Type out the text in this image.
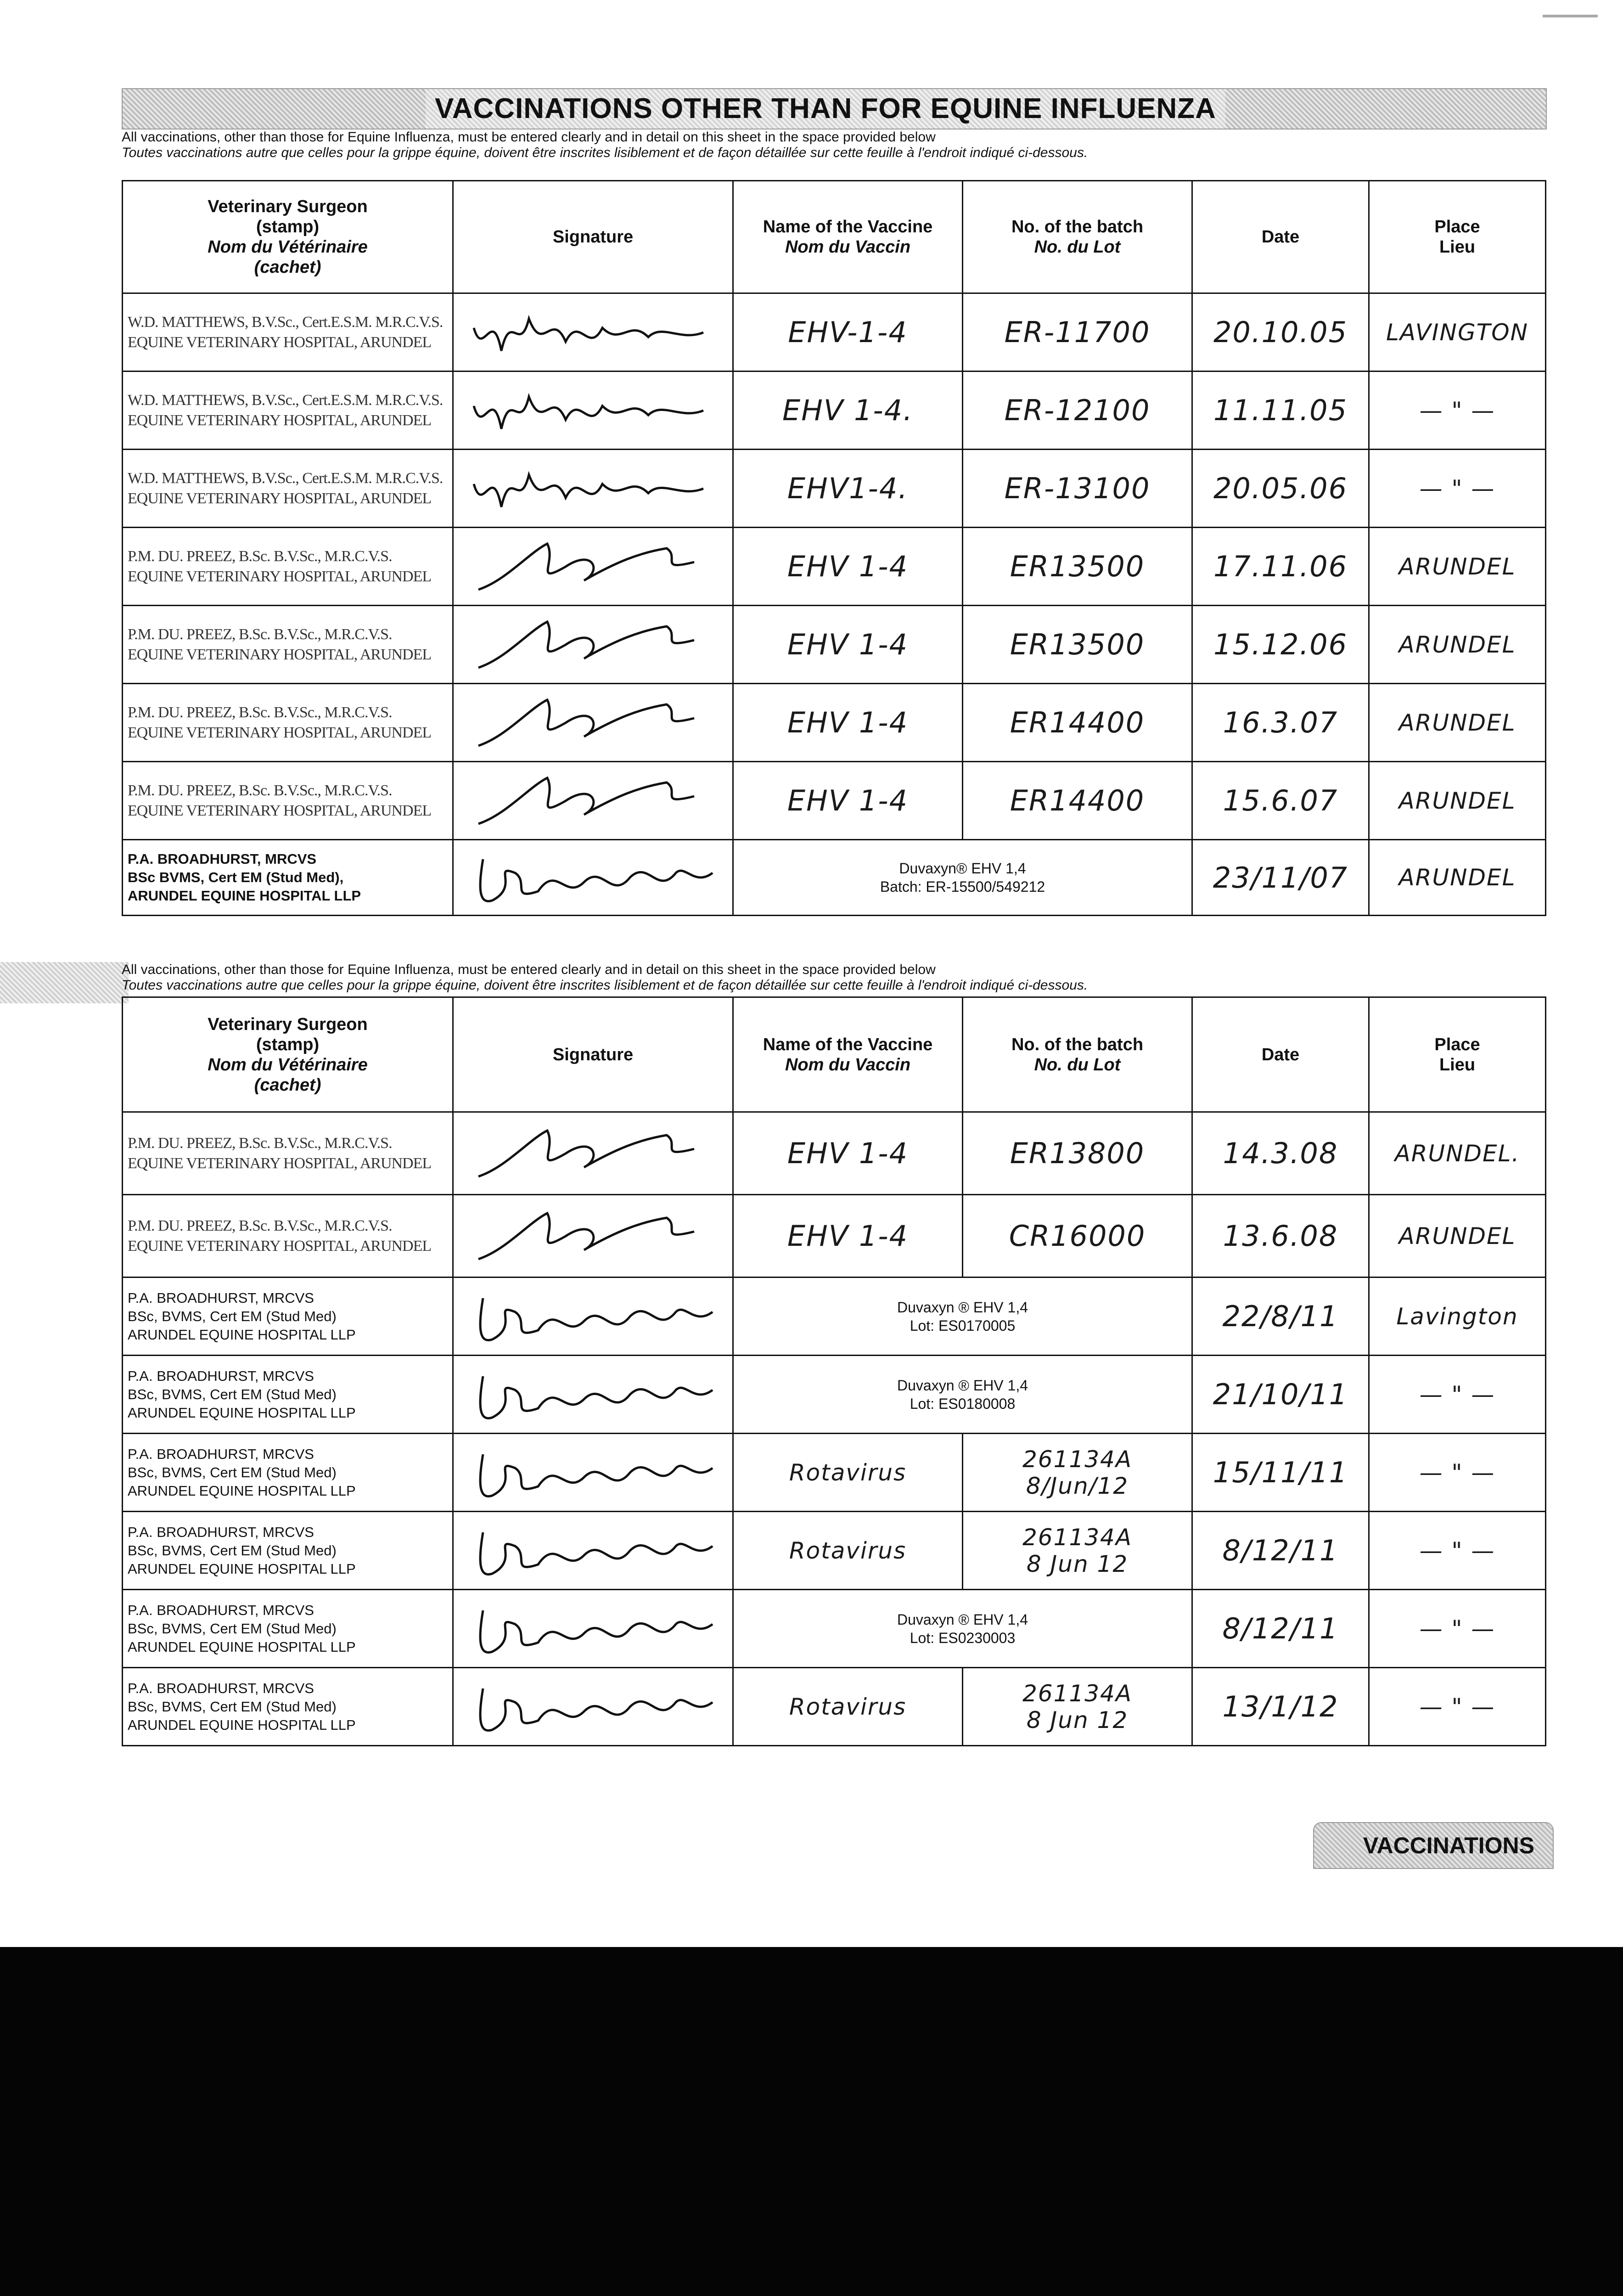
VACCINATIONS OTHER THAN FOR EQUINE INFLUENZA
All vaccinations, other than those for Equine Influenza, must be entered clearly and in detail on this sheet in the space provided below
Toutes vaccinations autre que celles pour la grippe équine, doivent être inscrites lisiblement et de façon détaillée sur cette feuille à l'endroit indiqué ci-dessous.
Veterinary Surgeon
(stamp)
Nom du Vétérinaire
(cachet)	Signature	Name of the Vaccine
Nom du Vaccin	No. of the batch
No. du Lot	Date	Place
Lieu

W.D. MATTHEWS, B.V.Sc., Cert.E.S.M. M.R.C.V.S.
EQUINE VETERINARY HOSPITAL, ARUNDEL		EHV-1-4	ER-11700	20.10.05	LAVINGTON

W.D. MATTHEWS, B.V.Sc., Cert.E.S.M. M.R.C.V.S.
EQUINE VETERINARY HOSPITAL, ARUNDEL		EHV 1-4.	ER-12100	11.11.05	— " —

W.D. MATTHEWS, B.V.Sc., Cert.E.S.M. M.R.C.V.S.
EQUINE VETERINARY HOSPITAL, ARUNDEL		EHV1-4.	ER-13100	20.05.06	— " —

P.M. DU. PREEZ, B.Sc. B.V.Sc., M.R.C.V.S.
EQUINE VETERINARY HOSPITAL, ARUNDEL		EHV 1-4	ER13500	17.11.06	ARUNDEL

P.M. DU. PREEZ, B.Sc. B.V.Sc., M.R.C.V.S.
EQUINE VETERINARY HOSPITAL, ARUNDEL		EHV 1-4	ER13500	15.12.06	ARUNDEL

P.M. DU. PREEZ, B.Sc. B.V.Sc., M.R.C.V.S.
EQUINE VETERINARY HOSPITAL, ARUNDEL		EHV 1-4	ER14400	16.3.07	ARUNDEL

P.M. DU. PREEZ, B.Sc. B.V.Sc., M.R.C.V.S.
EQUINE VETERINARY HOSPITAL, ARUNDEL		EHV 1-4	ER14400	15.6.07	ARUNDEL

P.A. BROADHURST, MRCVS
BSc BVMS, Cert EM (Stud Med),
ARUNDEL EQUINE HOSPITAL LLP		Duvaxyn® EHV 1,4
Batch: ER-15500/549212		23/11/07	ARUNDEL
All vaccinations, other than those for Equine Influenza, must be entered clearly and in detail on this sheet in the space provided below
Toutes vaccinations autre que celles pour la grippe équine, doivent être inscrites lisiblement et de façon détaillée sur cette feuille à l'endroit indiqué ci-dessous.
Veterinary Surgeon
(stamp)
Nom du Vétérinaire
(cachet)	Signature	Name of the Vaccine
Nom du Vaccin	No. of the batch
No. du Lot	Date	Place
Lieu

P.M. DU. PREEZ, B.Sc. B.V.Sc., M.R.C.V.S.
EQUINE VETERINARY HOSPITAL, ARUNDEL		EHV 1-4	ER13800	14.3.08	ARUNDEL.

P.M. DU. PREEZ, B.Sc. B.V.Sc., M.R.C.V.S.
EQUINE VETERINARY HOSPITAL, ARUNDEL		EHV 1-4	CR16000	13.6.08	ARUNDEL

P.A. BROADHURST, MRCVS
BSc, BVMS, Cert EM (Stud Med)
ARUNDEL EQUINE HOSPITAL LLP		Duvaxyn ® EHV 1,4
Lot: ES0170005		22/8/11	Lavington

P.A. BROADHURST, MRCVS
BSc, BVMS, Cert EM (Stud Med)
ARUNDEL EQUINE HOSPITAL LLP		Duvaxyn ® EHV 1,4
Lot: ES0180008		21/10/11	— " —

P.A. BROADHURST, MRCVS
BSc, BVMS, Cert EM (Stud Med)
ARUNDEL EQUINE HOSPITAL LLP		Rotavirus	261134A
8/Jun/12	15/11/11	— " —

P.A. BROADHURST, MRCVS
BSc, BVMS, Cert EM (Stud Med)
ARUNDEL EQUINE HOSPITAL LLP		Rotavirus	261134A
8 Jun 12	8/12/11	— " —

P.A. BROADHURST, MRCVS
BSc, BVMS, Cert EM (Stud Med)
ARUNDEL EQUINE HOSPITAL LLP		Duvaxyn ® EHV 1,4
Lot: ES0230003		8/12/11	— " —

P.A. BROADHURST, MRCVS
BSc, BVMS, Cert EM (Stud Med)
ARUNDEL EQUINE HOSPITAL LLP		Rotavirus	261134A
8 Jun 12	13/1/12	— " —
VACCINATIONS
